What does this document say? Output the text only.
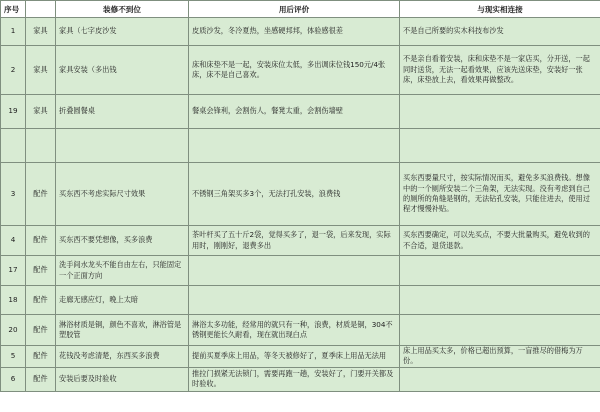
序号		装修不到位	用后评价	与现实相连接
1	家具	家具（七字皮沙发	皮质沙发，冬冷夏热，坐感硬邦邦，体验感很差	不是自己所要的实木科技布沙发
2	家具	家具安装（多出钱	床和床垫不是一起，安装床位太低，多出调床位钱150元/4张床，床不是自己喜欢。	不是亲自看着安装，床和床垫不是一家店买，分开送，一起同时送货，无法一起看效果，应该先送床垫，安装好一张床，床垫放上去，看效果再做整改。
19	家具	折叠圆餐桌	餐桌会锋利，会割伤人，餐凳太重，会割伤墙壁	

3	配件	买东西不考虑实际尺寸效果	不锈钢三角架买多3个，无法打孔安装，浪费钱	买东西要量尺寸，按实际情况而买，避免多买浪费钱。想像中的一个厕所安装二个三角架，无法实现。没有考虑到自己的厕所的角缝是钢的，无法钻孔安装，只能住进去，使用过程才慢慢补贴。
4	配件	买东西不要凭想像，买多浪费	茶叶杆买了五十斤2袋，觉得买多了，退一袋，后来发现，实际用时，刚刚好，退费多出	买东西要确定，可以先买点，不要大批量购买，避免收到的不合适，退货退款。
17	配件	洗手间水龙头不能自由左右，只能固定一个正面方向		
18	配件	走廊无感应灯，晚上太暗		
20	配件	淋浴材质是铜，颜色不喜欢，淋浴管是塑胶管	淋浴太多功能，经常用的就只有一种，浪费，材质是铜，304不锈钢更能长久耐看，现在就出现白点	
5	配件	花钱没考虑清楚，东西买多浪费	提前买夏季床上用品，等冬天被修好了，夏季床上用品无法用	床上用品买太多，价格已超出预算，一盲推尽的借梅为万份。
6	配件	安装后要及时验收	推拉门损紧无法锁门，需要再跑一趟，安装好了，门要开关都及时验收。	
